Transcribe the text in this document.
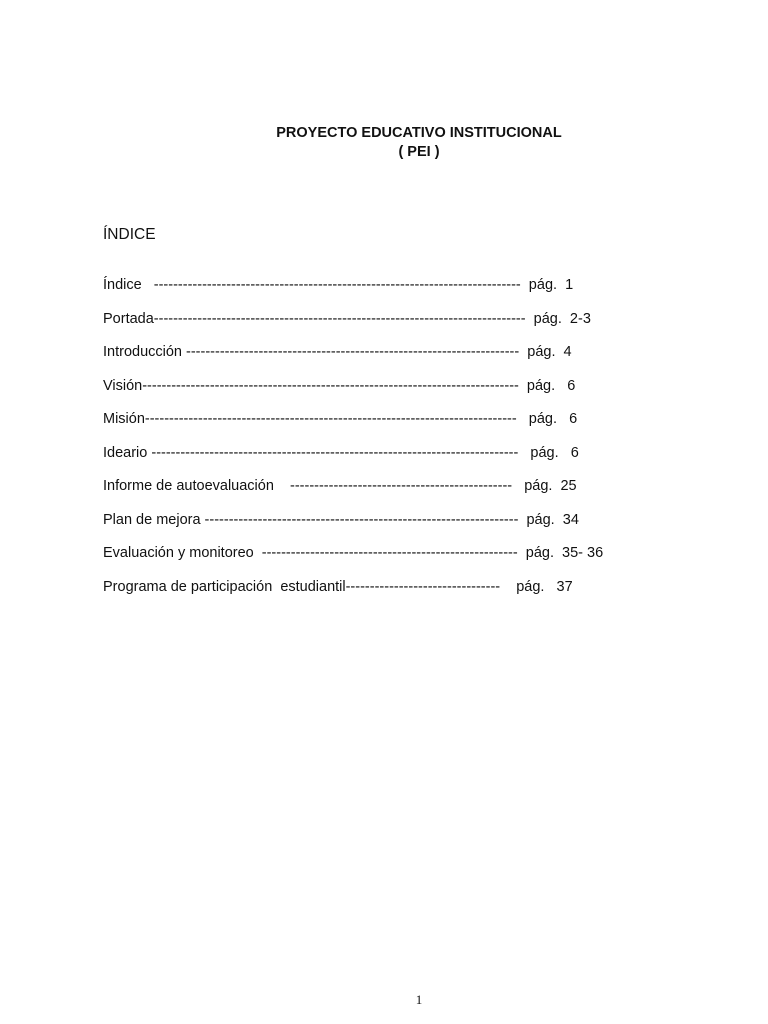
PROYECTO EDUCATIVO INSTITUCIONAL
( PEI )
ÍNDICE
Índice   ----------------------------------------------------------------------------  pág.  1
Portada-----------------------------------------------------------------------------  pág.  2-3
Introducción ---------------------------------------------------------------------  pág.  4
Visión------------------------------------------------------------------------------  pág.   6
Misión-----------------------------------------------------------------------------   pág.   6
Ideario ----------------------------------------------------------------------------   pág.   6
Informe de autoevaluación    ----------------------------------------------   pág.  25
Plan de mejora -----------------------------------------------------------------  pág.  34
Evaluación y monitoreo  -----------------------------------------------------  pág.  35- 36
Programa de participación  estudiantil--------------------------------    pág.   37
1
